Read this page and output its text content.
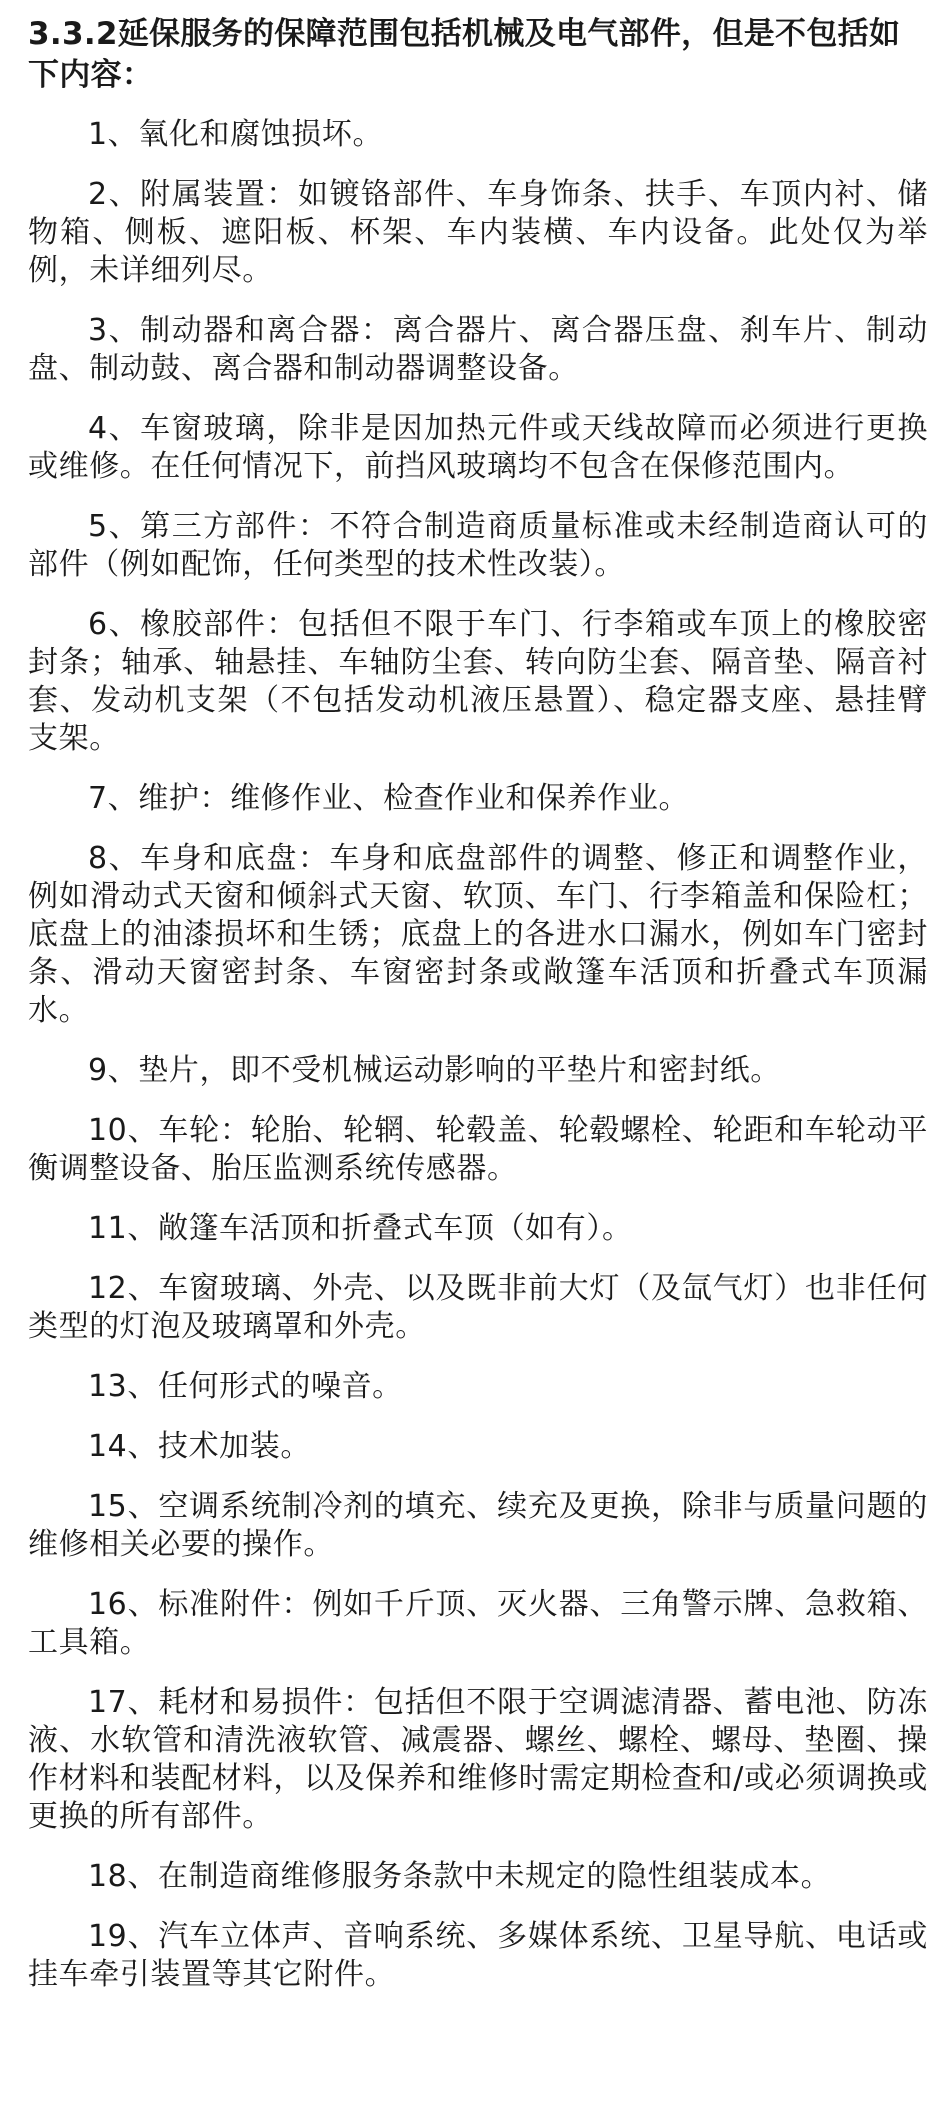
3.3.2延保服务的保障范围包括机械及电气部件，但是不包括如下内容：

1、氧化和腐蚀损坏。

2、附属装置：如镀铬部件、车身饰条、扶手、车顶内衬、储物箱、侧板、遮阳板、杯架、车内装横、车内设备。此处仅为举例，未详细列尽。

3、制动器和离合器：离合器片、离合器压盘、刹车片、制动盘、制动鼓、离合器和制动器调整设备。

4、车窗玻璃，除非是因加热元件或天线故障而必须进行更换或维修。在任何情况下，前挡风玻璃均不包含在保修范围内。

5、第三方部件：不符合制造商质量标准或未经制造商认可的部件（例如配饰，任何类型的技术性改装）。

6、橡胶部件：包括但不限于车门、行李箱或车顶上的橡胶密封条；轴承、轴悬挂、车轴防尘套、转向防尘套、隔音垫、隔音衬套、发动机支架（不包括发动机液压悬置）、稳定器支座、悬挂臂支架。

7、维护：维修作业、检查作业和保养作业。

8、车身和底盘：车身和底盘部件的调整、修正和调整作业，例如滑动式天窗和倾斜式天窗、软顶、车门、行李箱盖和保险杠；底盘上的油漆损坏和生锈；底盘上的各进水口漏水，例如车门密封条、滑动天窗密封条、车窗密封条或敞篷车活顶和折叠式车顶漏水。

9、垫片，即不受机械运动影响的平垫片和密封纸。

10、车轮：轮胎、轮辋、轮毂盖、轮毂螺栓、轮距和车轮动平衡调整设备、胎压监测系统传感器。

11、敞篷车活顶和折叠式车顶（如有）。

12、车窗玻璃、外壳、以及既非前大灯（及氙气灯）也非任何类型的灯泡及玻璃罩和外壳。

13、任何形式的噪音。

14、技术加装。

15、空调系统制冷剂的填充、续充及更换，除非与质量问题的维修相关必要的操作。

16、标准附件：例如千斤顶、灭火器、三角警示牌、急救箱、工具箱。

17、耗材和易损件：包括但不限于空调滤清器、蓄电池、防冻液、水软管和清洗液软管、减震器、螺丝、螺栓、螺母、垫圈、操作材料和装配材料，以及保养和维修时需定期检查和/或必须调换或更换的所有部件。

18、在制造商维修服务条款中未规定的隐性组装成本。

19、汽车立体声、音响系统、多媒体系统、卫星导航、电话或挂车牵引装置等其它附件。
